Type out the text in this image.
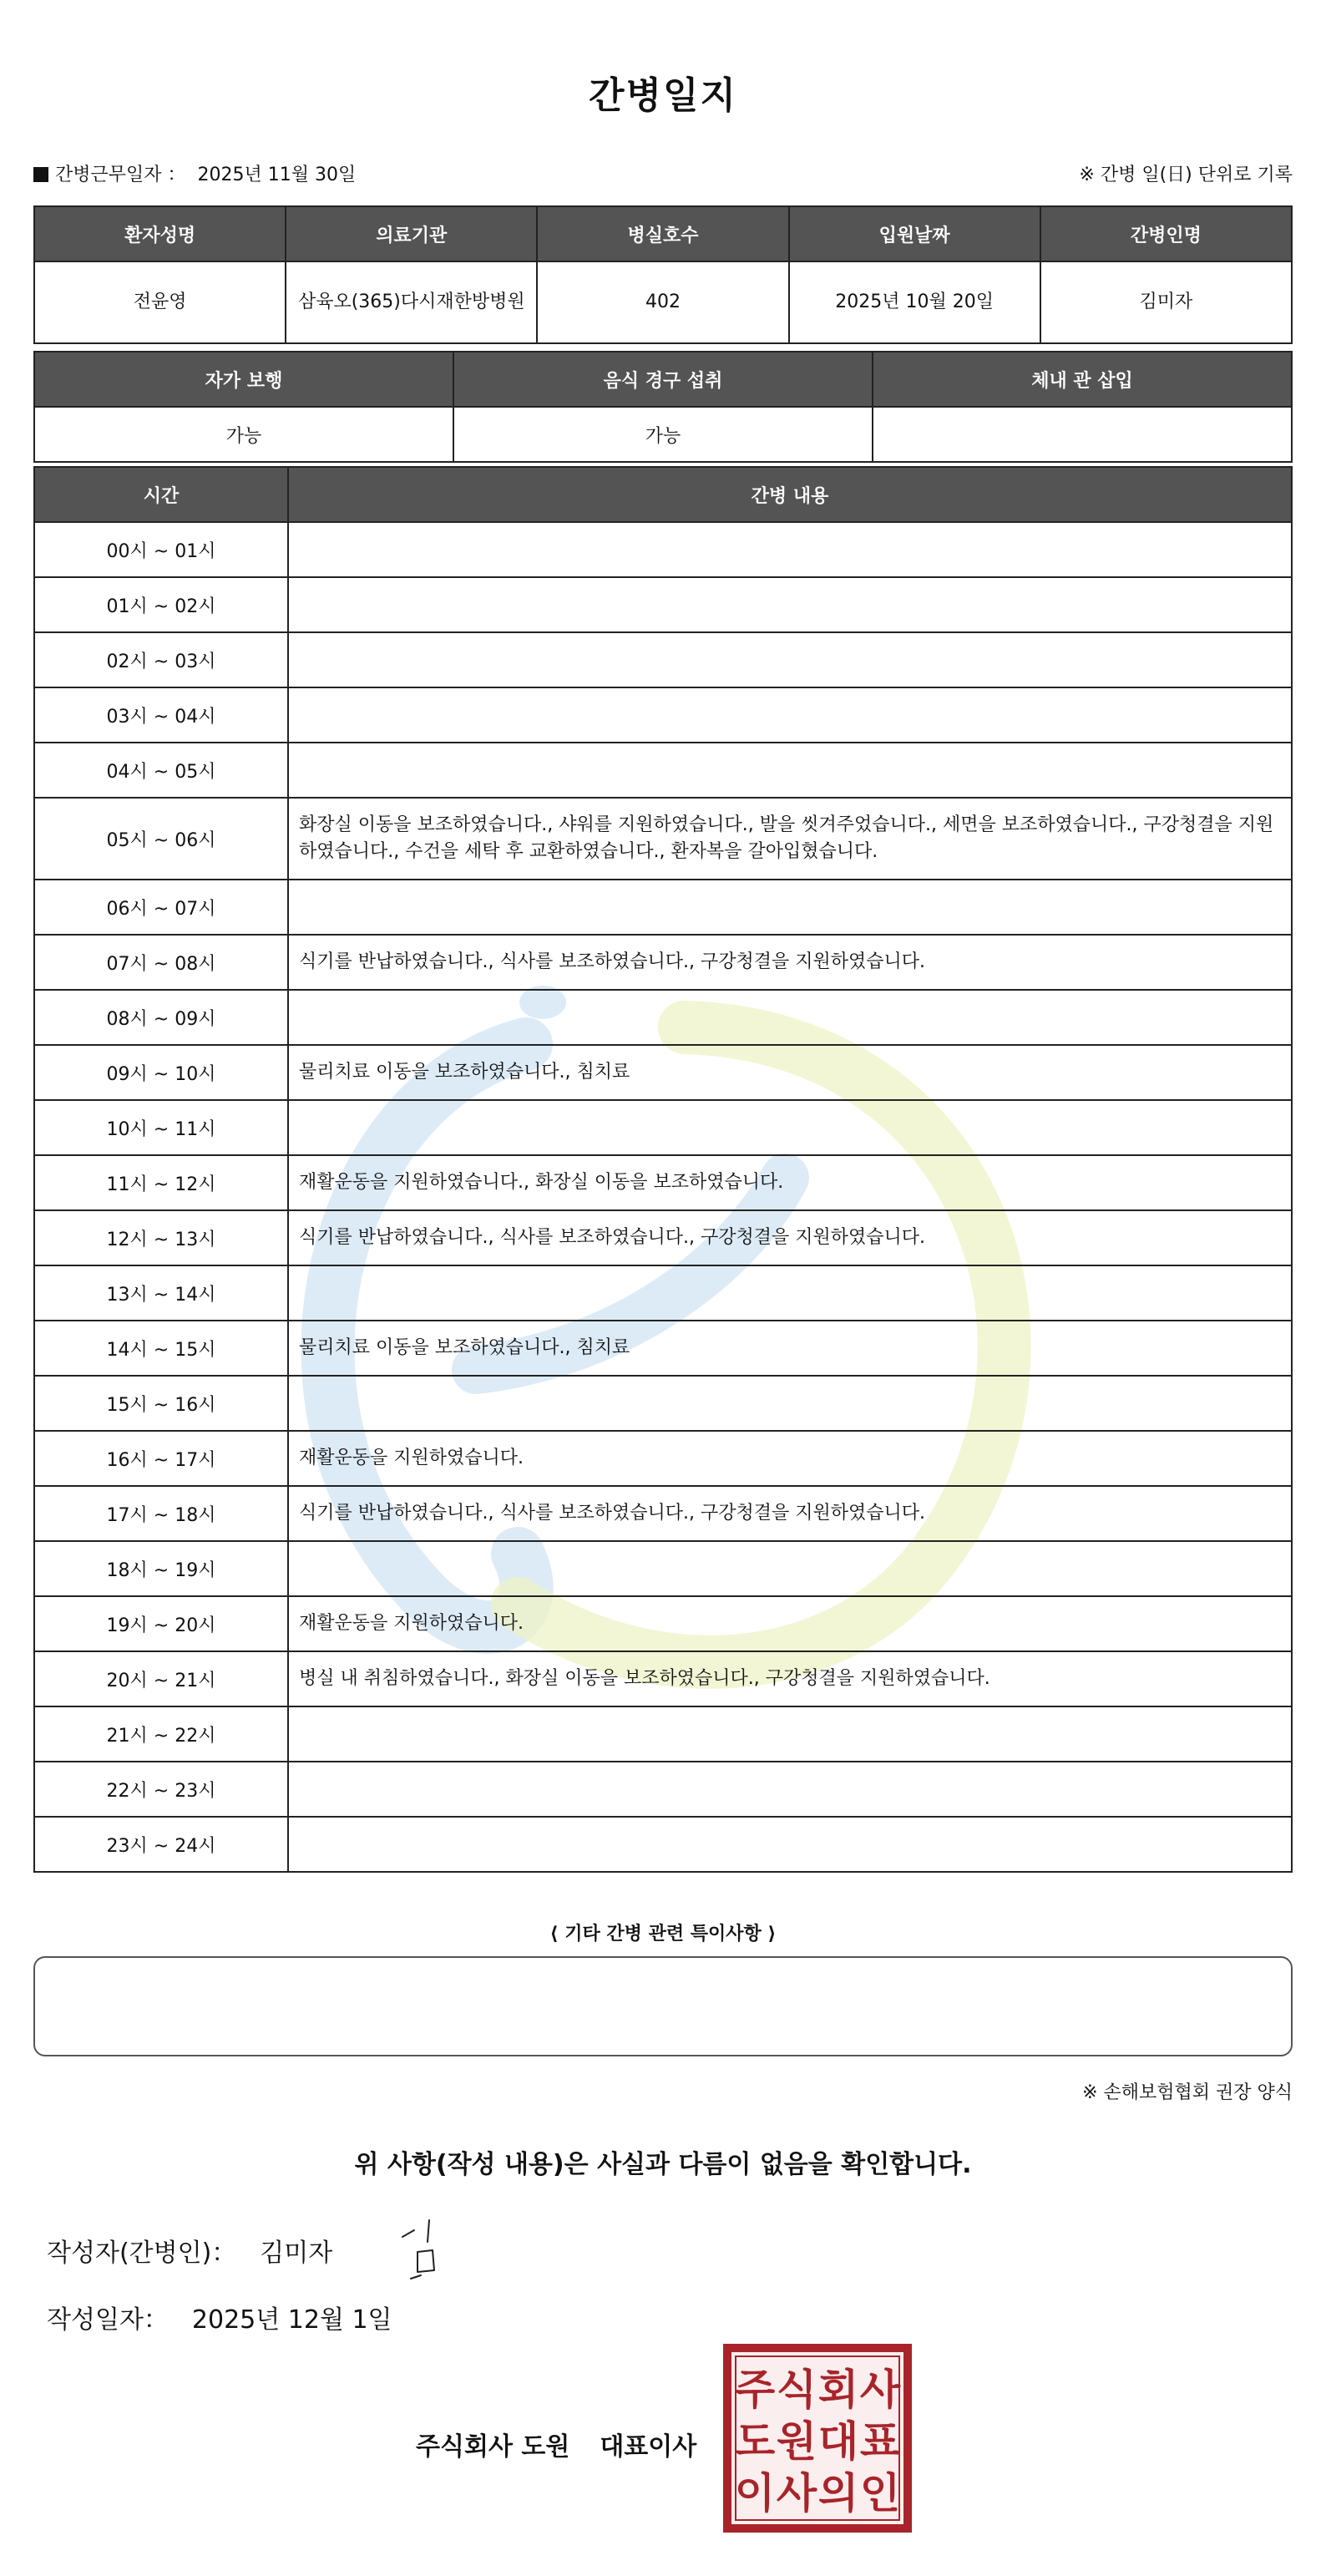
간병일지
간병근무일자 ： 2025년 11월 30일	※ 간병 일(日) 단위로 기록
환자성명	의료기관	병실호수	입원날짜	간병인명
전윤영	삼육오(365)다시재한방병원	402	2025년 10월 20일	김미자
자가 보행	음식 경구 섭취	체내 관 삽입
가능	가능	
시간	간병 내용
00시 ~ 01시	
01시 ~ 02시	
02시 ~ 03시	
03시 ~ 04시	
04시 ~ 05시	
05시 ~ 06시	화장실 이동을 보조하였습니다., 샤워를 지원하였습니다., 발을 씻겨주었습니다., 세면을 보조하였습니다., 구강청결을 지원하였습니다., 수건을 세탁 후 교환하였습니다., 환자복을 갈아입혔습니다.
06시 ~ 07시	
07시 ~ 08시	식기를 반납하였습니다., 식사를 보조하였습니다., 구강청결을 지원하였습니다.
08시 ~ 09시	
09시 ~ 10시	물리치료 이동을 보조하였습니다., 침치료
10시 ~ 11시	
11시 ~ 12시	재활운동을 지원하였습니다., 화장실 이동을 보조하였습니다.
12시 ~ 13시	식기를 반납하였습니다., 식사를 보조하였습니다., 구강청결을 지원하였습니다.
13시 ~ 14시	
14시 ~ 15시	물리치료 이동을 보조하였습니다., 침치료
15시 ~ 16시	
16시 ~ 17시	재활운동을 지원하였습니다.
17시 ~ 18시	식기를 반납하였습니다., 식사를 보조하였습니다., 구강청결을 지원하였습니다.
18시 ~ 19시	
19시 ~ 20시	재활운동을 지원하였습니다.
20시 ~ 21시	병실 내 취침하였습니다., 화장실 이동을 보조하였습니다., 구강청결을 지원하였습니다.
21시 ~ 22시	
22시 ~ 23시	
23시 ~ 24시	
⟨ 기타 간병 관련 특이사항 ⟩
※ 손해보험협회 권장 양식
위 사항(작성 내용)은 사실과 다름이 없음을 확인합니다.
작성자(간병인)： 김미자
작성일자： 2025년 12월 1일
주식회사 도원 대표이사
주 식 회 사
도 원 대 표
이 사 의 인
